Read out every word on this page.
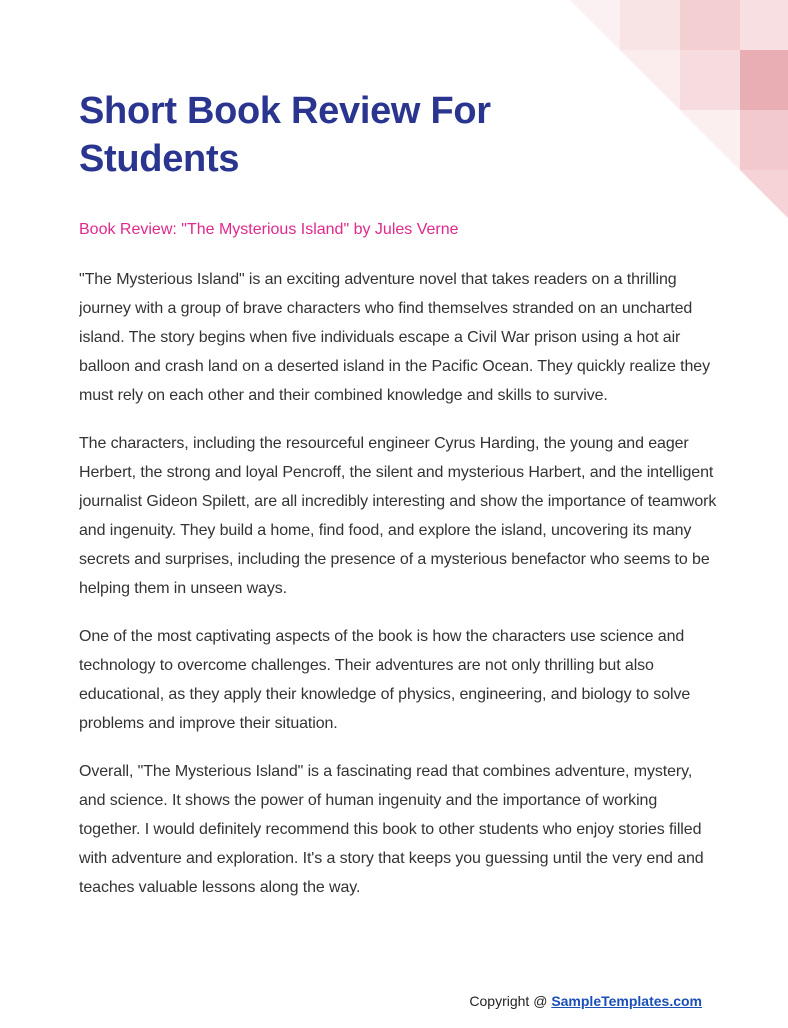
Short Book Review For Students

Book Review: "The Mysterious Island" by Jules Verne

"The Mysterious Island" is an exciting adventure novel that takes readers on a thrilling journey with a group of brave characters who find themselves stranded on an uncharted island. The story begins when five individuals escape a Civil War prison using a hot air balloon and crash land on a deserted island in the Pacific Ocean. They quickly realize they must rely on each other and their combined knowledge and skills to survive.

The characters, including the resourceful engineer Cyrus Harding, the young and eager Herbert, the strong and loyal Pencroff, the silent and mysterious Harbert, and the intelligent journalist Gideon Spilett, are all incredibly interesting and show the importance of teamwork and ingenuity. They build a home, find food, and explore the island, uncovering its many secrets and surprises, including the presence of a mysterious benefactor who seems to be helping them in unseen ways.

One of the most captivating aspects of the book is how the characters use science and technology to overcome challenges. Their adventures are not only thrilling but also educational, as they apply their knowledge of physics, engineering, and biology to solve problems and improve their situation.

Overall, "The Mysterious Island" is a fascinating read that combines adventure, mystery, and science. It shows the power of human ingenuity and the importance of working together. I would definitely recommend this book to other students who enjoy stories filled with adventure and exploration. It's a story that keeps you guessing until the very end and teaches valuable lessons along the way.

Copyright @ SampleTemplates.com
